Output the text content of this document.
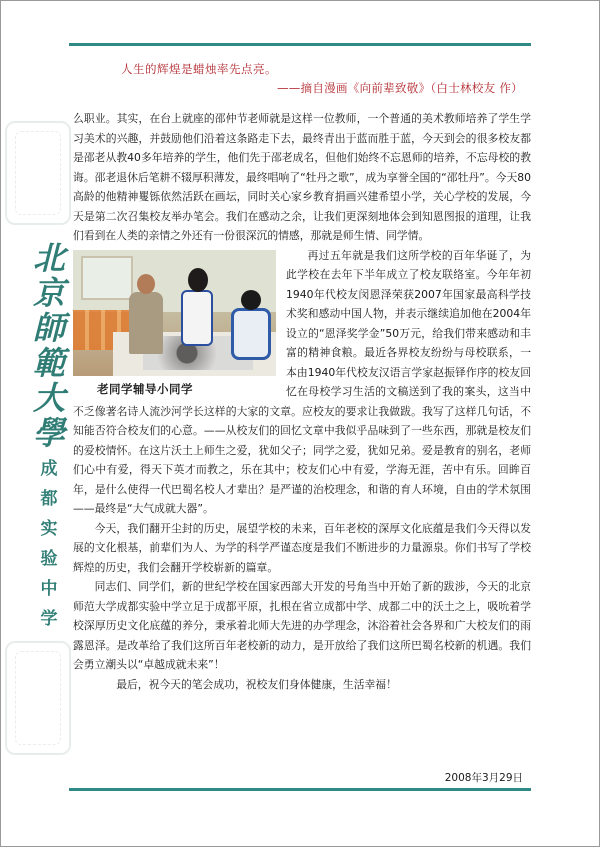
人生的辉煌是蜡烛率先点亮。
——摘自漫画《向前辈致敬》（白士林校友 作）
北
京
師
範
大
學
成
都
实
验
中
学

么职业。其实，在台上就座的邵仲节老师就是这样一位教师，一个普通的美术教师培养了学生学习美术的兴趣，并鼓励他们沿着这条路走下去，最终青出于蓝而胜于蓝，今天到会的很多校友都是邵老从教40多年培养的学生，他们先于邵老成名，但他们始终不忘恩师的培养，不忘母校的教诲。邵老退休后笔耕不辍厚积薄发，最终唱响了“牡丹之歌”，成为享誉全国的“邵牡丹”。今天80高龄的他精神矍铄依然活跃在画坛，同时关心家乡教育捐画兴建希望小学，关心学校的发展，今天是第二次召集校友举办笔会。我们在感动之余，让我们更深刻地体会到知恩图报的道理，让我们看到在人类的亲情之外还有一份很深沉的情感，那就是师生情、同学情。

老同学辅导小同学

再过五年就是我们这所学校的百年华诞了，为此学校在去年下半年成立了校友联络室。今年年初1940年代校友闵恩泽荣获2007年国家最高科学技术奖和感动中国人物，并表示继续追加他在2004年设立的“恩泽奖学金”50万元，给我们带来感动和丰富的精神食粮。最近各界校友纷纷与母校联系，一本由1940年代校友汉语言学家赵振铎作序的校友回忆在母校学习生活的文稿送到了我的案头，这当中不乏像著名诗人流沙河学长这样的大家的文章。应校友的要求让我做跋。我写了这样几句话，不知能否符合校友们的心意。——从校友们的回忆文章中我似乎品味到了一些东西，那就是校友们的爱校情怀。在这片沃土上师生之爱，犹如父子；同学之爱，犹如兄弟。爱是教育的别名，老师们心中有爱，得天下英才而教之，乐在其中；校友们心中有爱，学海无涯，苦中有乐。回眸百年，是什么使得一代巴蜀名校人才辈出？是严谨的治校理念，和谐的育人环境，自由的学术氛围——最终是“大气成就大器”。

今天，我们翻开尘封的历史，展望学校的未来，百年老校的深厚文化底蕴是我们今天得以发展的文化根基，前辈们为人、为学的科学严谨态度是我们不断进步的力量源泉。你们书写了学校辉煌的历史，我们会翻开学校崭新的篇章。

同志们、同学们，新的世纪学校在国家西部大开发的号角当中开始了新的跋涉，今天的北京师范大学成都实验中学立足于成都平原，扎根在省立成都中学、成都二中的沃土之上，吸吮着学校深厚历史文化底蕴的养分，秉承着北师大先进的办学理念，沐浴着社会各界和广大校友们的雨露恩泽。是改革给了我们这所百年老校新的动力，是开放给了我们这所巴蜀名校新的机遇。我们会勇立潮头以“卓越成就未来”！

最后，祝今天的笔会成功，祝校友们身体健康，生活幸福！

2008年3月29日
